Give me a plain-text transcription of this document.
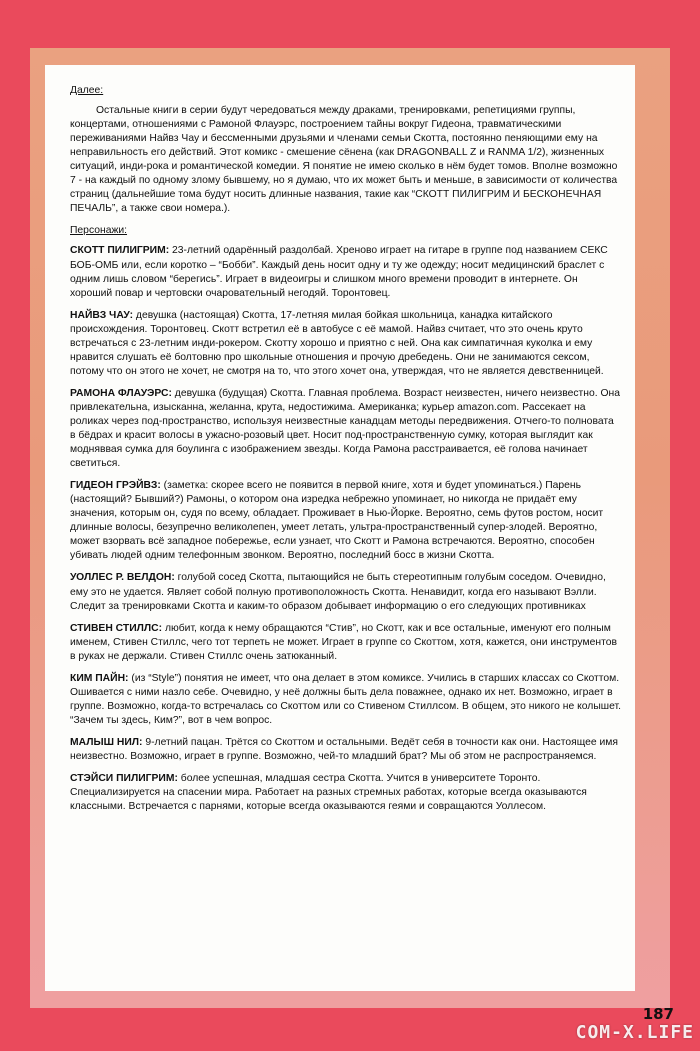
Далее:

Остальные книги в серии будут чередоваться между драками, тренировками, репетициями группы, концертами, отношениями с Рамоной Флауэрс, построением тайны вокруг Гидеона, травматическими переживаниями Найвз Чау и бессменными друзьями и членами семьи Скотта, постоянно пеняющими ему на неправильность его действий. Этот комикс - смешение сёнена (как DRAGONBALL Z и RANMA 1/2), жизненных ситуаций, инди-рока и романтической комедии. Я понятие не имею сколько в нём будет томов. Вполне возможно 7 - на каждый по одному злому бывшему, но я думаю, что их может быть и меньше, в зависимости от количества страниц (дальнейшие тома будут носить длинные названия, такие как “СКОТТ ПИЛИГРИМ И БЕСКОНЕЧНАЯ ПЕЧАЛЬ”, а также свои номера.).

Персонажи:

СКОТТ ПИЛИГРИМ: 23-летний одарённый раздолбай. Хреново играет на гитаре в группе под названием СЕКС БОБ-ОМБ или, если коротко – “Бобби”. Каждый день носит одну и ту же одежду; носит медицинский браслет с одним лишь словом “берегись”. Играет в видеоигры и слишком много времени проводит в интернете. Он хороший повар и чертовски очаровательный негодяй. Торонтовец.

НАЙВЗ ЧАУ: девушка (настоящая) Скотта, 17-летняя милая бойкая школьница, канадка китайского происхождения. Торонтовец. Скотт встретил её в автобусе с её мамой. Найвз считает, что это очень круто встречаться с 23-летним инди-рокером. Скотту хорошо и приятно с ней. Она как симпатичная куколка и ему нравится слушать её болтовню про школьные отношения и прочую дребедень. Они не занимаются сексом, потому что он этого не хочет, не смотря на то, что этого хочет она, утверждая, что не является девственницей.

РАМОНА ФЛАУЭРС: девушка (будущая) Скотта. Главная проблема. Возраст неизвестен, ничего неизвестно. Она привлекательна, изысканна, желанна, крута, недостижима. Американка; курьер amazon.com. Рассекает на роликах через под-пространство, используя неизвестные канадцам методы передвижения. Отчего-то полновата в бёдрах и красит волосы в ужасно-розовый цвет. Носит под-пространственную сумку, которая выглядит как модняввая сумка для боулинга с изображением звезды. Когда Рамона расстраивается, её голова начинает светиться.

ГИДЕОН ГРЭЙВЗ: (заметка: скорее всего не появится в первой книге, хотя и будет упоминаться.) Парень (настоящий? Бывший?) Рамоны, о котором она изредка небрежно упоминает, но никогда не придаёт ему значения, которым он, судя по всему, обладает. Проживает в Нью-Йорке. Вероятно, семь футов ростом, носит длинные волосы, безупречно великолепен, умеет летать, ультра-пространственный супер-злодей. Вероятно, может взорвать всё западное побережье, если узнает, что Скотт и Рамона встречаются. Вероятно, способен убивать людей одним телефонным звонком. Вероятно, последний босс в жизни Скотта.

УОЛЛЕС Р. ВЕЛДОН: голубой сосед Скотта, пытающийся не быть стереотипным голубым соседом. Очевидно, ему это не удается. Являет собой полную противоположность Скотта. Ненавидит, когда его называют Вэлли. Следит за тренировками Скотта и каким-то образом добывает информацию о его следующих противниках

СТИВЕН СТИЛЛС: любит, когда к нему обращаются “Стив”, но Скотт, как и все остальные, именуют его полным именем, Стивен Стиллс, чего тот терпеть не может. Играет в группе со Скоттом, хотя, кажется, они инструментов в руках не держали. Стивен Стиллс очень затюканный.

КИМ ПАЙН: (из “Style”) понятия не имеет, что она делает в этом комиксе. Учились в старших классах со Скоттом. Ошивается с ними назло себе. Очевидно, у неё должны быть дела поважнее, однако их нет. Возможно, играет в группе. Возможно, когда-то встречалась со Скоттом или со Стивеном Стиллсом. В общем, это никого не колышет. “Зачем ты здесь, Ким?”, вот в чем вопрос.

МАЛЫШ НИЛ: 9-летний пацан. Трётся со Скоттом и остальными. Ведёт себя в точности как они. Настоящее имя неизвестно. Возможно, играет в группе. Возможно, чей-то младший брат? Мы об этом не распространяемся.

СТЭЙСИ ПИЛИГРИМ: более успешная, младшая сестра Скотта. Учится в университете Торонто. Специализируется на спасении мира. Работает на разных стремных работах, которые всегда оказываются классными. Встречается с парнями, которые всегда оказываются геями и совращаются Уоллесом.

187
COM-X.LIFE
